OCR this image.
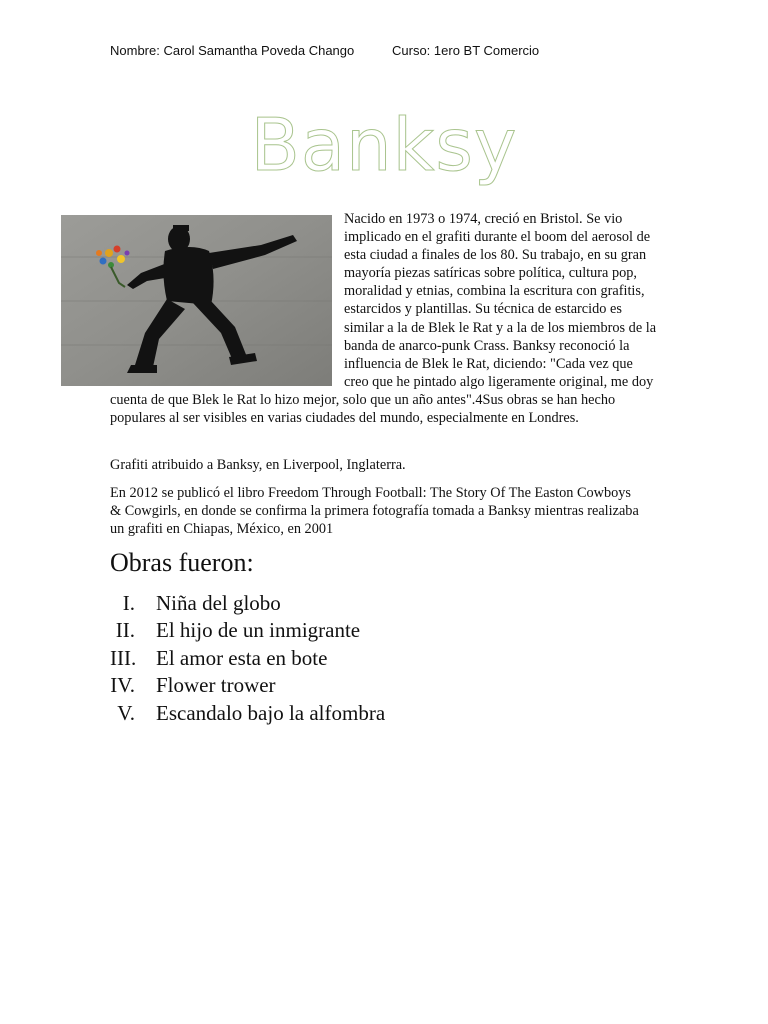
Nombre: Carol Samantha Poveda Chango	Curso: 1ero BT Comercio
Banksy
Nacido en 1973 o 1974, creció en Bristol. Se vio implicado en el grafiti durante el boom del aerosol de esta ciudad a finales de los 80. Su trabajo, en su gran mayoría piezas satíricas sobre política, cultura pop, moralidad y etnias, combina la escritura con grafitis, estarcidos y plantillas. Su técnica de estarcido es similar a la de Blek le Rat y a la de los miembros de la banda de anarco-punk Crass. Banksy reconoció la influencia de Blek le Rat, diciendo: "Cada vez que creo que he pintado algo ligeramente original, me doy cuenta de que Blek le Rat lo hizo mejor, solo que un año antes".4Sus obras se han hecho populares al ser visibles en varias ciudades del mundo, especialmente en Londres.
Grafiti atribuido a Banksy, en Liverpool, Inglaterra.
En 2012 se publicó el libro Freedom Through Football: The Story Of The Easton Cowboys & Cowgirls, en donde se confirma la primera fotografía tomada a Banksy mientras realizaba un grafiti en Chiapas, México, en 2001
Obras fueron:
I. Niña del globo
II. El hijo de un inmigrante
III. El amor esta en bote
IV. Flower trower
V. Escandalo bajo la alfombra
